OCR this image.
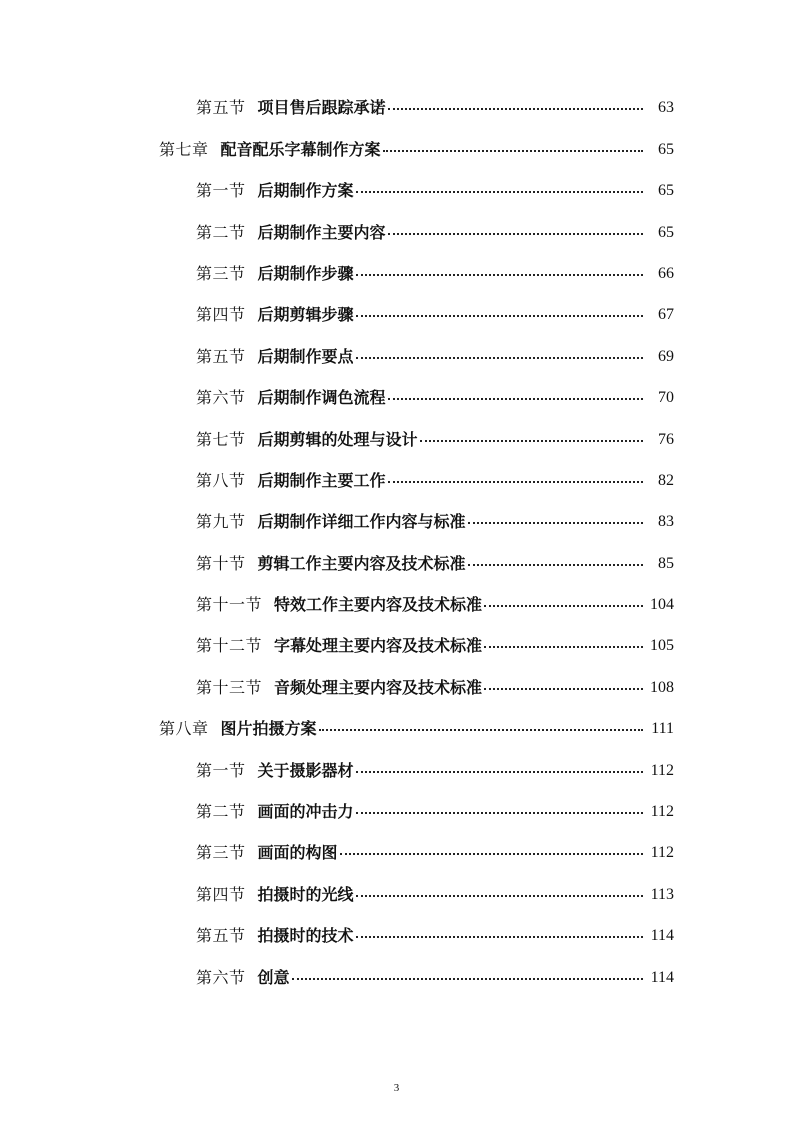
第五节 项目售后跟踪承诺	63
第七章 配音配乐字幕制作方案	65
第一节 后期制作方案	65
第二节 后期制作主要内容	65
第三节 后期制作步骤	66
第四节 后期剪辑步骤	67
第五节 后期制作要点	69
第六节 后期制作调色流程	70
第七节 后期剪辑的处理与设计	76
第八节 后期制作主要工作	82
第九节 后期制作详细工作内容与标准	83
第十节 剪辑工作主要内容及技术标准	85
第十一节 特效工作主要内容及技术标准	104
第十二节 字幕处理主要内容及技术标准	105
第十三节 音频处理主要内容及技术标准	108
第八章 图片拍摄方案	111
第一节 关于摄影器材	112
第二节 画面的冲击力	112
第三节 画面的构图	112
第四节 拍摄时的光线	113
第五节 拍摄时的技术	114
第六节 创意	114
3
